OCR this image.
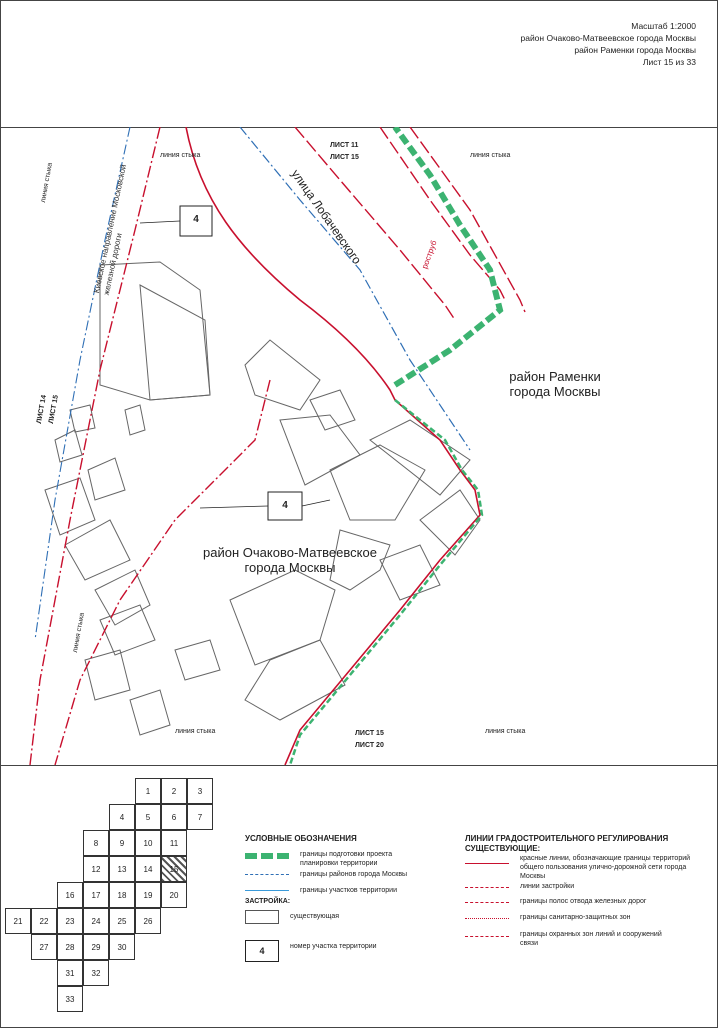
Масштаб 1:2000
район Очаково-Матвеевское города Москвы
район Раменки города Москвы
Лист 15 из 33
линия стыка	линия стыка
линия стыка
линия стыка
линия стыка	линия стыка
ЛИСТ 11
ЛИСТ 15
ЛИСТ 14 ЛИСТ 15
ЛИСТ 15
ЛИСТ 20
Киевское направление Московской железной дороги	улица Лобачевского	роструб
район Раменки
города Москвы
район Очаково-Матвеевское
города Москвы
4
4
1	2	3
4	5	6	7
8	9	10	11
12	13	14	15
16	17	18	19	20
21	22	23	24	25	26
27	28	29	30
31	32
33
УСЛОВНЫЕ ОБОЗНАЧЕНИЯ
границы подготовки проекта планировки территории
границы районов города Москвы
границы участков территории
ЗАСТРОЙКА:
существующая
4	номер участка территории
ЛИНИИ ГРАДОСТРОИТЕЛЬНОГО РЕГУЛИРОВАНИЯ
СУЩЕСТВУЮЩИЕ:
красные линии, обозначающие границы территорий общего пользования улично-дорожной сети города Москвы
линии застройки
границы полос отвода железных дорог
границы санитарно-защитных зон
границы охранных зон линий и сооружений связи
